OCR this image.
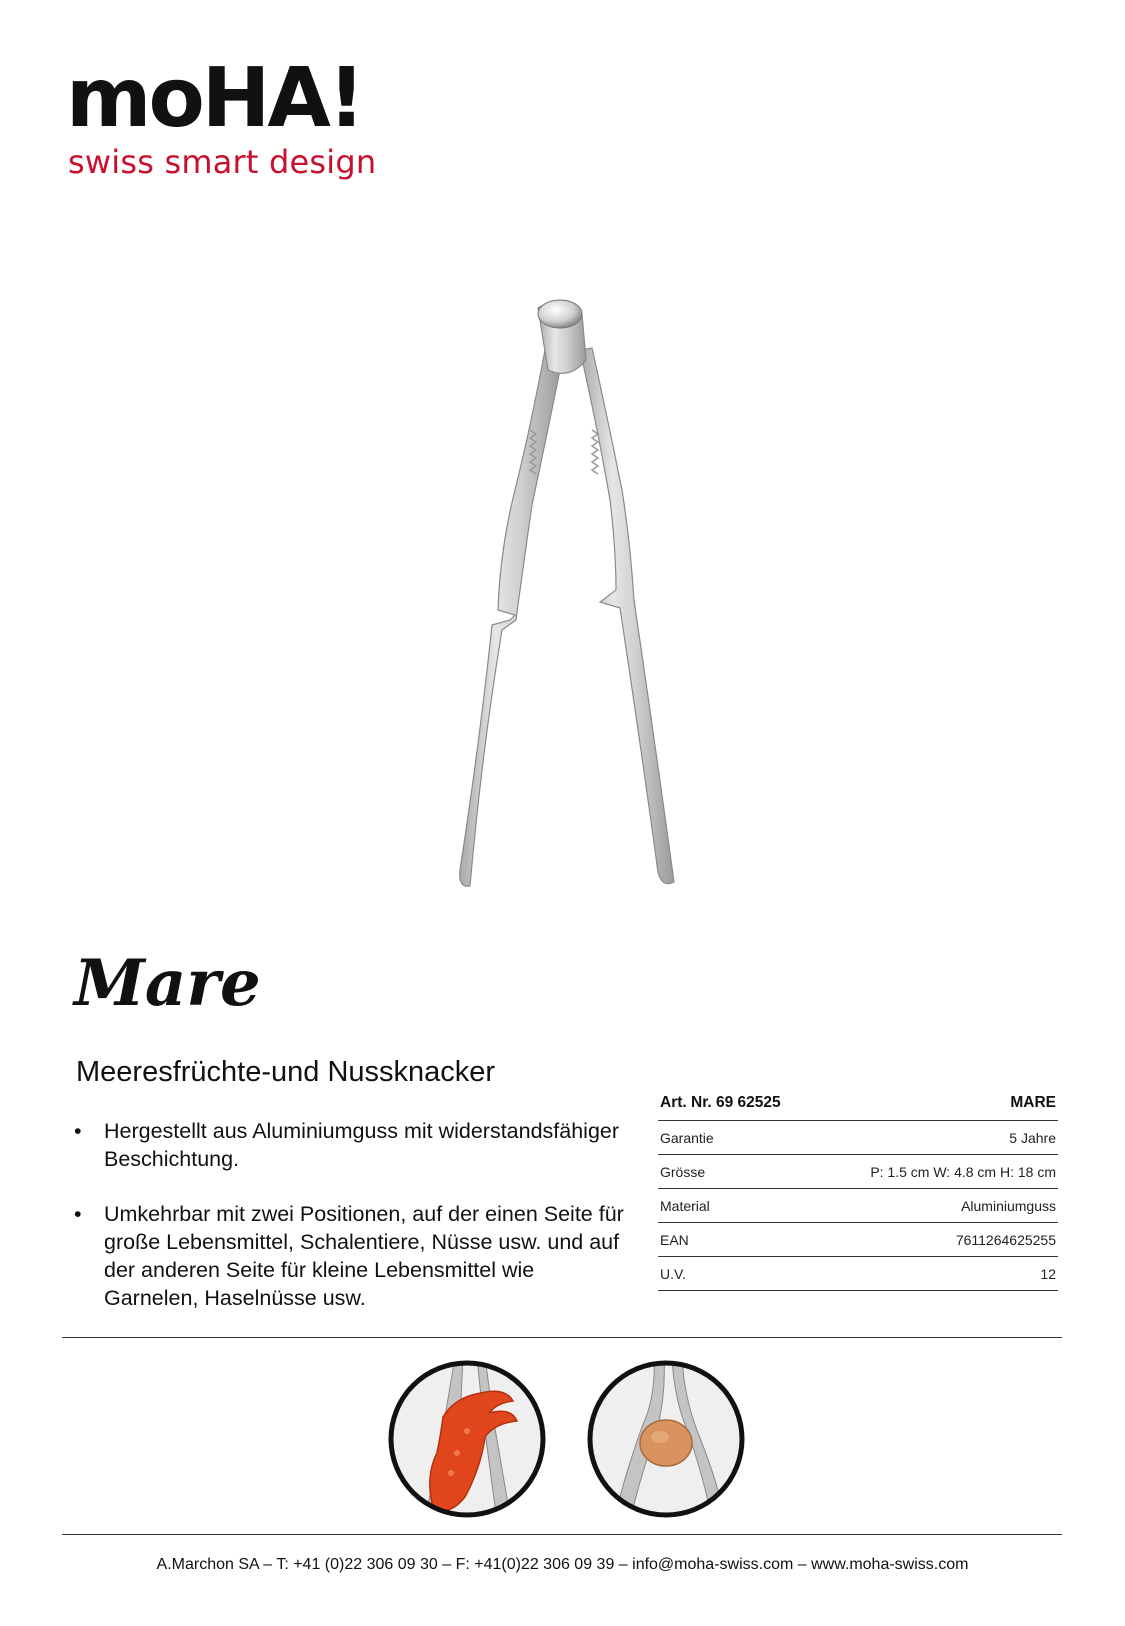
moHA!
swiss smart design
Mare
Meeresfrüchte-und Nussknacker
• Hergestellt aus Aluminiumguss mit widerstandsfähiger Beschichtung.
• Umkehrbar mit zwei Positionen, auf der einen Seite für große Lebensmittel, Schalentiere, Nüsse usw. und auf der anderen Seite für kleine Lebensmittel wie Garnelen, Haselnüsse usw.
Art. Nr. 69 62525	MARE
Garantie	5 Jahre
Grösse	P: 1.5 cm W: 4.8 cm H: 18 cm
Material	Aluminiumguss
EAN	7611264625255
U.V.	12
A.Marchon SA – T: +41 (0)22 306 09 30 – F: +41(0)22 306 09 39 – info@moha-swiss.com – www.moha-swiss.com
